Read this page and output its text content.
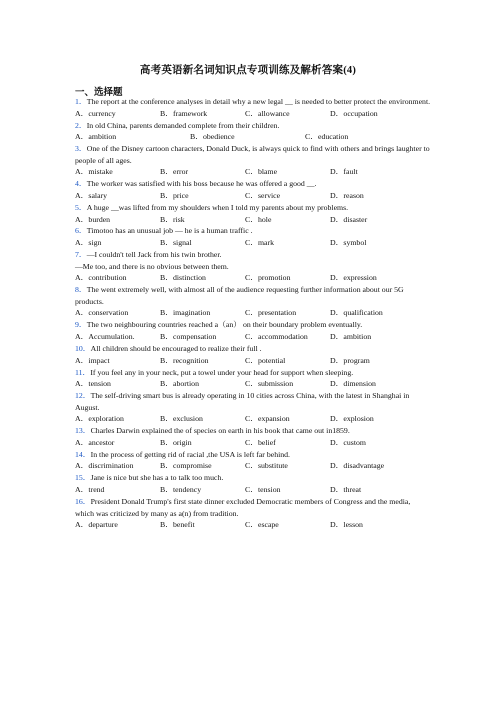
高考英语新名词知识点专项训练及解析答案(4)
一、选择题
1．The report at the conference analyses in detail why a new legal __ is needed to better protect the environment.
A．currency	B．framework	C．allowance	D．occupation
2．In old China, parents demanded complete from their children.
A．ambition	B．obedience	C．education
3．One of the Disney cartoon characters, Donald Duck, is always quick to find with others and brings laughter to people of all ages.
A．mistake	B．error	C．blame	D．fault
4．The worker was satisfied with his boss because he was offered a good __.
A．salary	B．price	C．service	D．reason
5．A huge __was lifted from my shoulders when I told my parents about my problems.
A．burden	B．risk	C．hole	D．disaster
6．Timotoo has an unusual job — he is a human traffic .
A．sign	B．signal	C．mark	D．symbol
7．—I couldn't tell Jack from his twin brother.
—Me too, and there is no obvious between them.
A．contribution	B．distinction	C．promotion	D．expression
8．The went extremely well, with almost all of the audience requesting further information about our 5G products.
A．conservation	B．imagination	C．presentation	D．qualification
9．The two neighbouring countries reached a（an） on their boundary problem eventually.
A．Accumulation.	B．compensation	C．accommodation	D．ambition
10．All children should be encouraged to realize their full .
A．impact	B．recognition	C．potential	D．program
11．If you feel any in your neck, put a towel under your head for support when sleeping.
A．tension	B．abortion	C．submission	D．dimension
12．The self-driving smart bus is already operating in 10 cities across China, with the latest in Shanghai in August.
A．exploration	B．exclusion	C．expansion	D．explosion
13．Charles Darwin explained the of species on earth in his book that came out in1859.
A．ancestor	B．origin	C．belief	D．custom
14．In the process of getting rid of racial ,the USA is left far behind.
A．discrimination	B．compromise	C．substitute	D．disadvantage
15．Jane is nice but she has a to talk too much.
A．trend	B．tendency	C．tension	D．threat
16．President Donald Trump's first state dinner excluded Democratic members of Congress and the media, which was criticized by many as a(n) from tradition.
A．departure	B．benefit	C．escape	D．lesson
